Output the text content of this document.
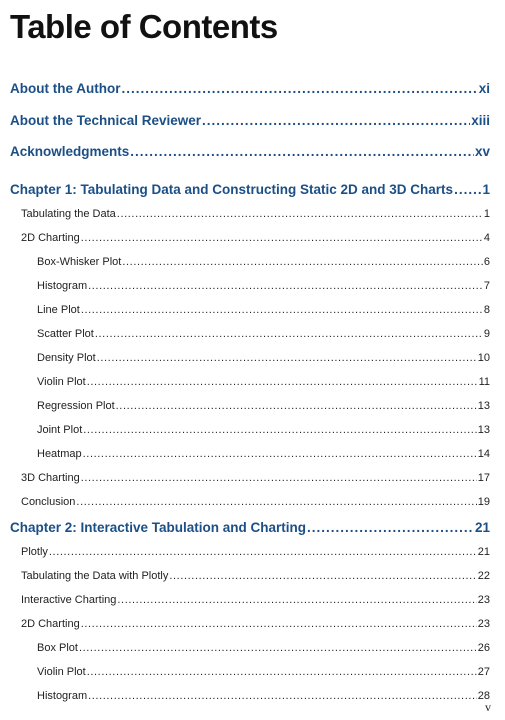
Table of Contents
About the Author .....	xi
About the Technical Reviewer .....	xiii
Acknowledgments .....	xv
Chapter 1: Tabulating Data and Constructing Static 2D and 3D Charts ..... 1
Tabulating the Data .....	1
2D Charting .....	4
Box-Whisker Plot .....	6
Histogram .....	7
Line Plot .....	8
Scatter Plot .....	9
Density Plot .....	10
Violin Plot .....	11
Regression Plot .....	13
Joint Plot .....	13
Heatmap .....	14
3D Charting .....	17
Conclusion .....	19
Chapter 2: Interactive Tabulation and Charting .....	21
Plotly .....	21
Tabulating the Data with Plotly .....	22
Interactive Charting .....	23
2D Charting .....	23
Box Plot .....	26
Violin Plot .....	27
Histogram .....	28
v
